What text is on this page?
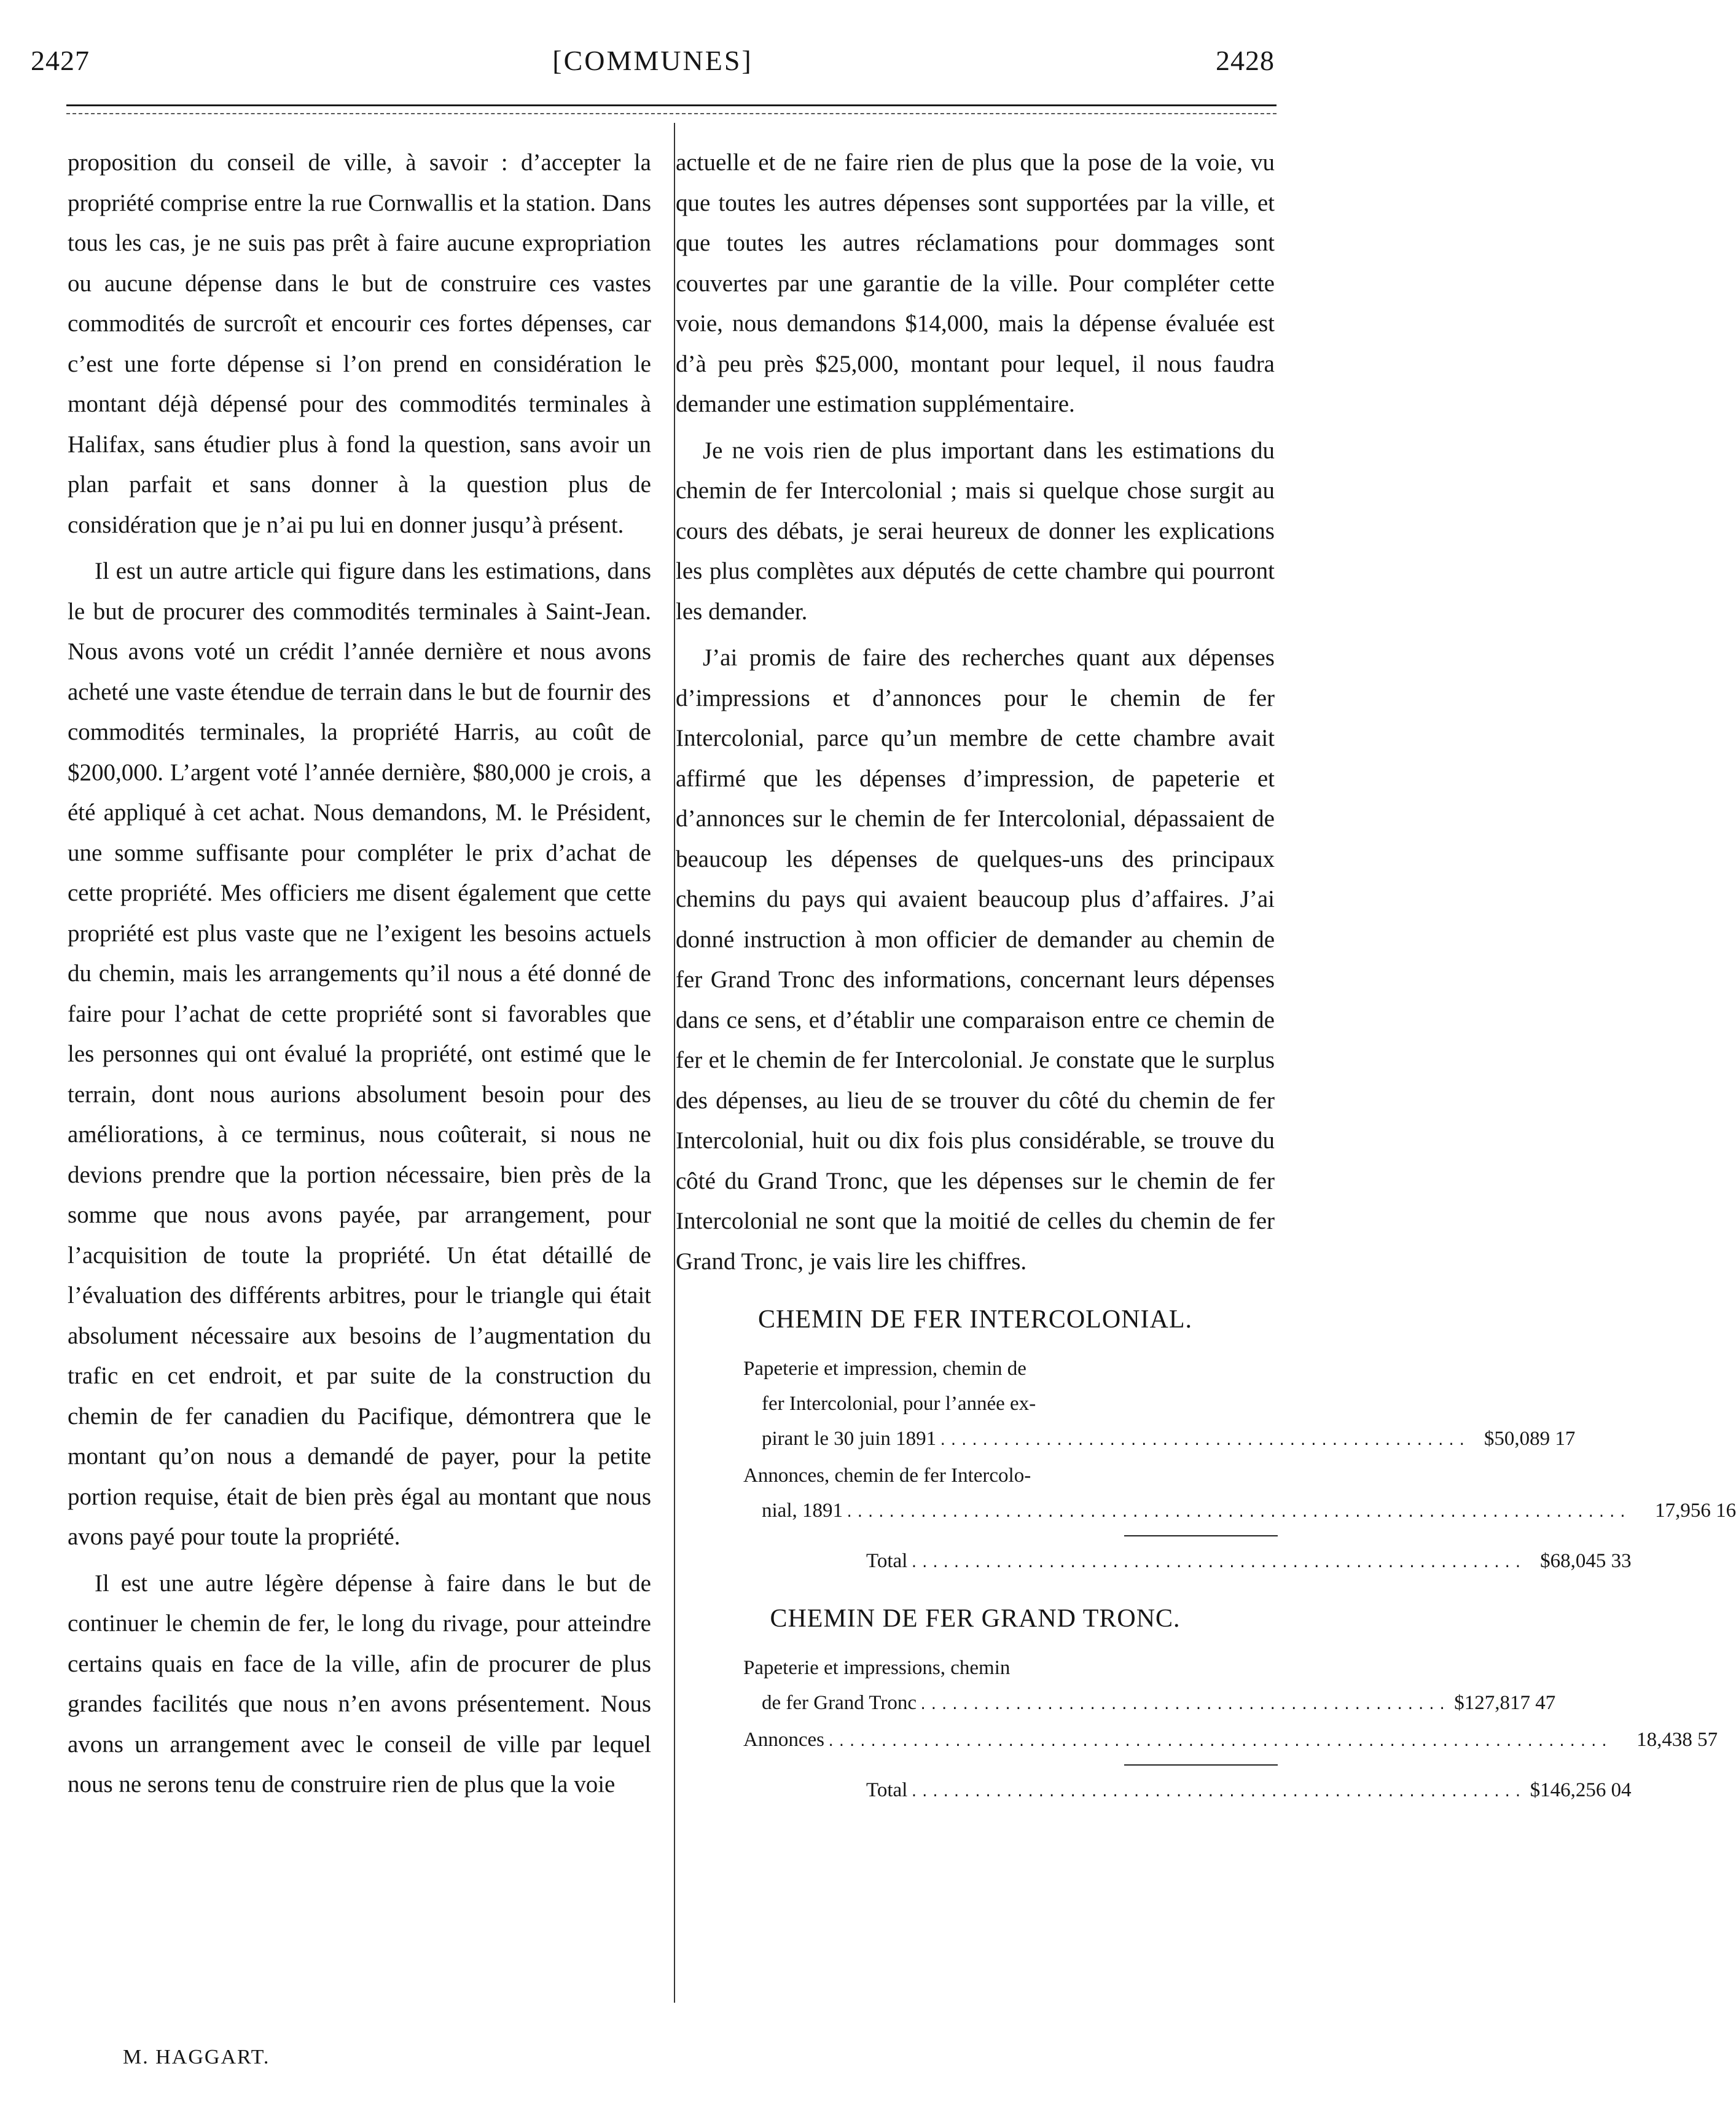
2427	[COMMUNES]	2428

proposition du conseil de ville, à savoir : d’accepter la propriété comprise entre la rue Cornwallis et la station. Dans tous les cas, je ne suis pas prêt à faire aucune expropriation ou aucune dépense dans le but de construire ces vastes commodités de surcroît et encourir ces fortes dépenses, car c’est une forte dépense si l’on prend en considération le montant déjà dépensé pour des commodités terminales à Halifax, sans étudier plus à fond la question, sans avoir un plan parfait et sans donner à la question plus de considération que je n’ai pu lui en donner jusqu’à présent.

Il est un autre article qui figure dans les estimations, dans le but de procurer des commodités terminales à Saint-Jean. Nous avons voté un crédit l’année dernière et nous avons acheté une vaste étendue de terrain dans le but de fournir des commodités terminales, la propriété Harris, au coût de $200,000. L’argent voté l’année dernière, $80,000 je crois, a été appliqué à cet achat. Nous demandons, M. le Président, une somme suffisante pour compléter le prix d’achat de cette propriété. Mes officiers me disent également que cette propriété est plus vaste que ne l’exigent les besoins actuels du chemin, mais les arrangements qu’il nous a été donné de faire pour l’achat de cette propriété sont si favorables que les personnes qui ont évalué la propriété, ont estimé que le terrain, dont nous aurions absolument besoin pour des améliorations, à ce terminus, nous coûterait, si nous ne devions prendre que la portion nécessaire, bien près de la somme que nous avons payée, par arrangement, pour l’acquisition de toute la propriété. Un état détaillé de l’évaluation des différents arbitres, pour le triangle qui était absolument nécessaire aux besoins de l’augmentation du trafic en cet endroit, et par suite de la construction du chemin de fer canadien du Pacifique, démontrera que le montant qu’on nous a demandé de payer, pour la petite portion requise, était de bien près égal au montant que nous avons payé pour toute la propriété.

Il est une autre légère dépense à faire dans le but de continuer le chemin de fer, le long du rivage, pour atteindre certains quais en face de la ville, afin de procurer de plus grandes facilités que nous n’en avons présentement. Nous avons un arrangement avec le conseil de ville par lequel nous ne serons tenu de construire rien de plus que la voie

actuelle et de ne faire rien de plus que la pose de la voie, vu que toutes les autres dépenses sont supportées par la ville, et que toutes les autres réclamations pour dommages sont couvertes par une garantie de la ville. Pour compléter cette voie, nous demandons $14,000, mais la dépense évaluée est d’à peu près $25,000, montant pour lequel, il nous faudra demander une estimation supplémentaire.

Je ne vois rien de plus important dans les estimations du chemin de fer Intercolonial ; mais si quelque chose surgit au cours des débats, je serai heureux de donner les explications les plus complètes aux députés de cette chambre qui pourront les demander.

J’ai promis de faire des recherches quant aux dépenses d’impressions et d’annonces pour le chemin de fer Intercolonial, parce qu’un membre de cette chambre avait affirmé que les dépenses d’impression, de papeterie et d’annonces sur le chemin de fer Intercolonial, dépassaient de beaucoup les dépenses de quelques-uns des principaux chemins du pays qui avaient beaucoup plus d’affaires. J’ai donné instruction à mon officier de demander au chemin de fer Grand Tronc des informations, concernant leurs dépenses dans ce sens, et d’établir une comparaison entre ce chemin de fer et le chemin de fer Intercolonial. Je constate que le surplus des dépenses, au lieu de se trouver du côté du chemin de fer Intercolonial, huit ou dix fois plus considérable, se trouve du côté du Grand Tronc, que les dépenses sur le chemin de fer Intercolonial ne sont que la moitié de celles du chemin de fer Grand Tronc, je vais lire les chiffres.

CHEMIN DE FER INTERCOLONIAL.
Papeterie et impression, chemin de
fer Intercolonial, pour l’année ex-
pirant le 30 juin 1891 .................................................. $50,089 17
Annonces, chemin de fer Intercolo-
nial, 1891 ..........................................................................	17,956 16
Total .......................................................... $68,045 33
CHEMIN DE FER GRAND TRONC.
Papeterie et impressions, chemin
de fer Grand Tronc .................................................. $127,817 47
Annonces ..........................................................................	18,438 57
Total .......................................................... $146,256 04
M. HAGGART.
